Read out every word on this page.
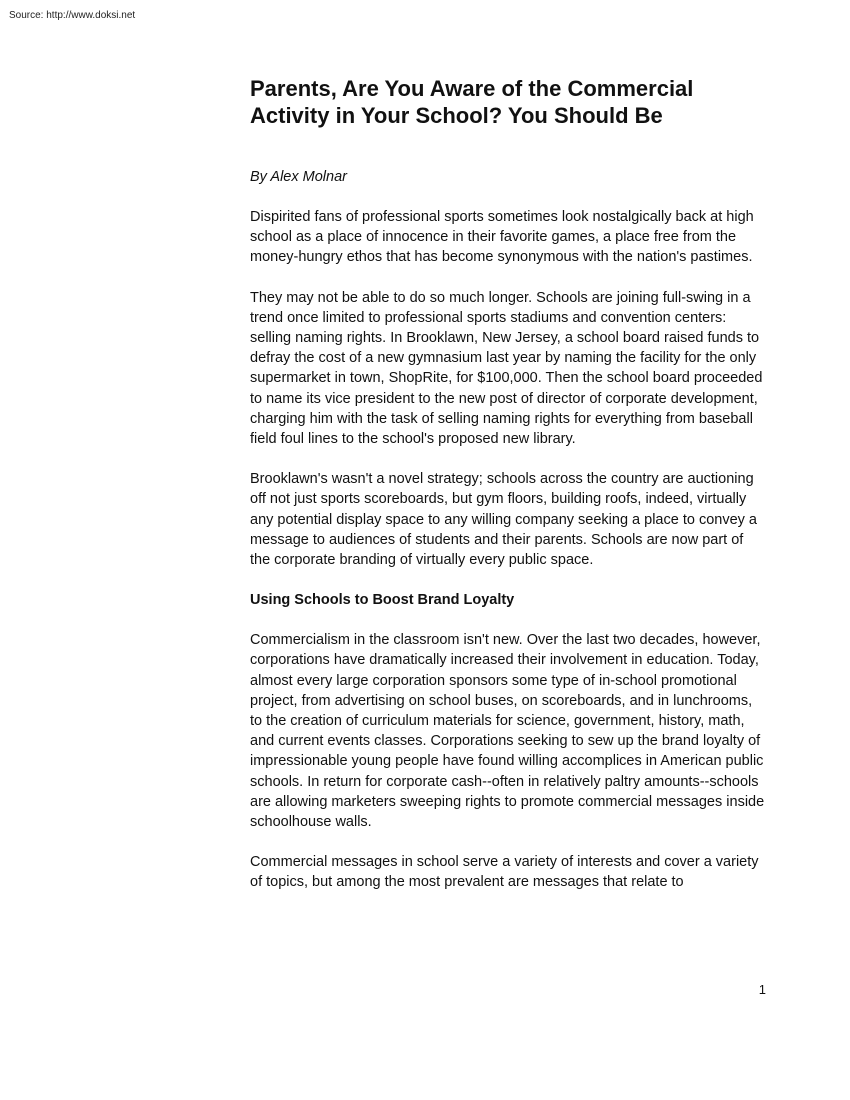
Source: http://www.doksi.net
Parents, Are You Aware of the Commercial Activity in Your School? You Should Be

By Alex Molnar

Dispirited fans of professional sports sometimes look nostalgically back at high school as a place of innocence in their favorite games, a place free from the money-hungry ethos that has become synonymous with the nation's pastimes.

They may not be able to do so much longer. Schools are joining full-swing in a trend once limited to professional sports stadiums and convention centers: selling naming rights. In Brooklawn, New Jersey, a school board raised funds to defray the cost of a new gymnasium last year by naming the facility for the only supermarket in town, ShopRite, for $100,000. Then the school board proceeded to name its vice president to the new post of director of corporate development, charging him with the task of selling naming rights for everything from baseball field foul lines to the school's proposed new library.

Brooklawn's wasn't a novel strategy; schools across the country are auctioning off not just sports scoreboards, but gym floors, building roofs, indeed, virtually any potential display space to any willing company seeking a place to convey a message to audiences of students and their parents. Schools are now part of the corporate branding of virtually every public space.

Using Schools to Boost Brand Loyalty

Commercialism in the classroom isn't new. Over the last two decades, however, corporations have dramatically increased their involvement in education. Today, almost every large corporation sponsors some type of in-school promotional project, from advertising on school buses, on scoreboards, and in lunchrooms, to the creation of curriculum materials for science, government, history, math, and current events classes. Corporations seeking to sew up the brand loyalty of impressionable young people have found willing accomplices in American public schools. In return for corporate cash--often in relatively paltry amounts--schools are allowing marketers sweeping rights to promote commercial messages inside schoolhouse walls.

Commercial messages in school serve a variety of interests and cover a variety of topics, but among the most prevalent are messages that relate to

1
